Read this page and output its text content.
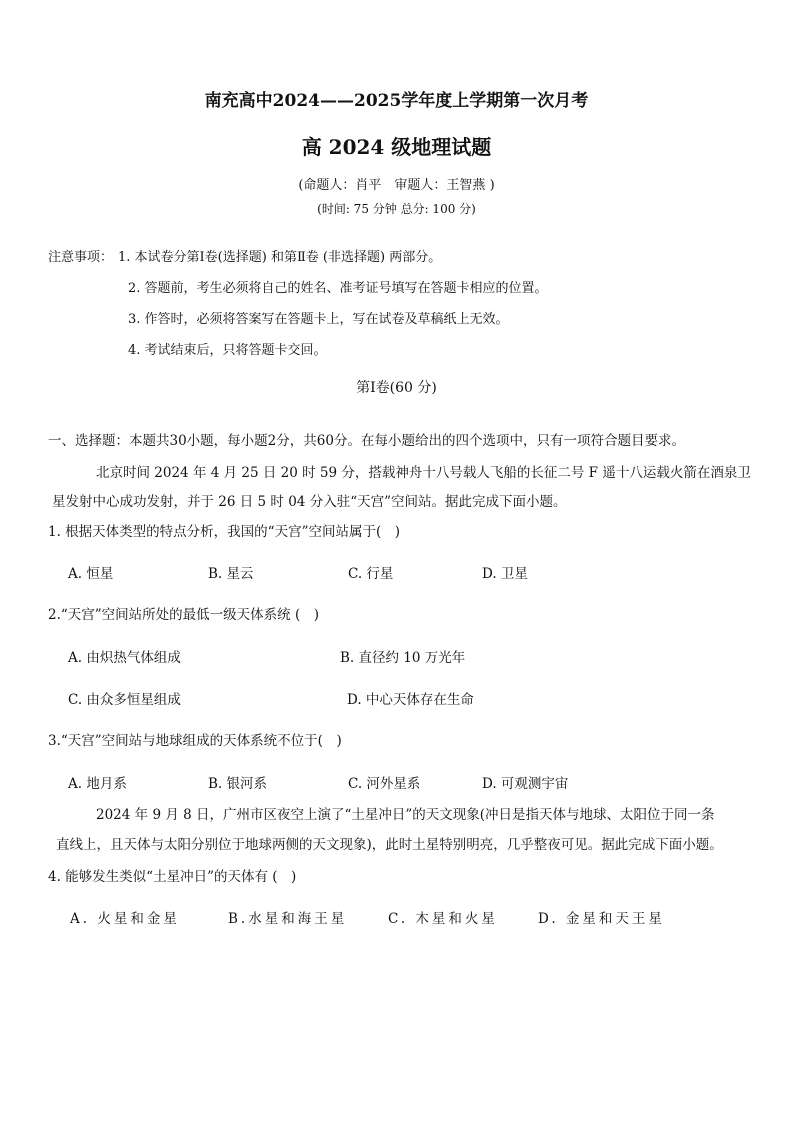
南充高中2024——2025学年度上学期第一次月考
高 2024 级地理试题
(命题人：肖平　审题人：王智燕 )
(时间: 75 分钟 总分: 100 分)
注意事项： 1. 本试卷分第Ⅰ卷(选择题) 和第Ⅱ卷 (非选择题) 两部分。
2. 答题前，考生必须将自己的姓名、准考证号填写在答题卡相应的位置。
3. 作答时，必须将答案写在答题卡上，写在试卷及草稿纸上无效。
4. 考试结束后，只将答题卡交回。
第Ⅰ卷(60 分)
一、选择题：本题共30小题，每小题2分，共60分。在每小题给出的四个选项中，只有一项符合题目要求。
北京时间 2024 年 4 月 25 日 20 时 59 分，搭载神舟十八号载人飞船的长征二号 F 遥十八运载火箭在酒泉卫
星发射中心成功发射，并于 26 日 5 时 04 分入驻“天宫”空间站。据此完成下面小题。
1. 根据天体类型的特点分析，我国的“天宫”空间站属于(　)
A. 恒星	B. 星云	C. 行星	D. 卫星
2.“天宫”空间站所处的最低一级天体系统 (　)
A. 由炽热气体组成	B. 直径约 10 万光年
C. 由众多恒星组成	D. 中心天体存在生命
3.“天宫”空间站与地球组成的天体系统不位于(　)
A. 地月系	B. 银河系	C. 河外星系	D. 可观测宇宙
2024 年 9 月 8 日，广州市区夜空上演了“土星冲日”的天文现象(冲日是指天体与地球、太阳位于同一条
直线上，且天体与太阳分别位于地球两侧的天文现象)，此时土星特别明亮，几乎整夜可见。据此完成下面小题。
4. 能够发生类似“土星冲日”的天体有 (　)
A. 火星和金星	B.水星和海王星	C. 木星和火星	D. 金星和天王星
